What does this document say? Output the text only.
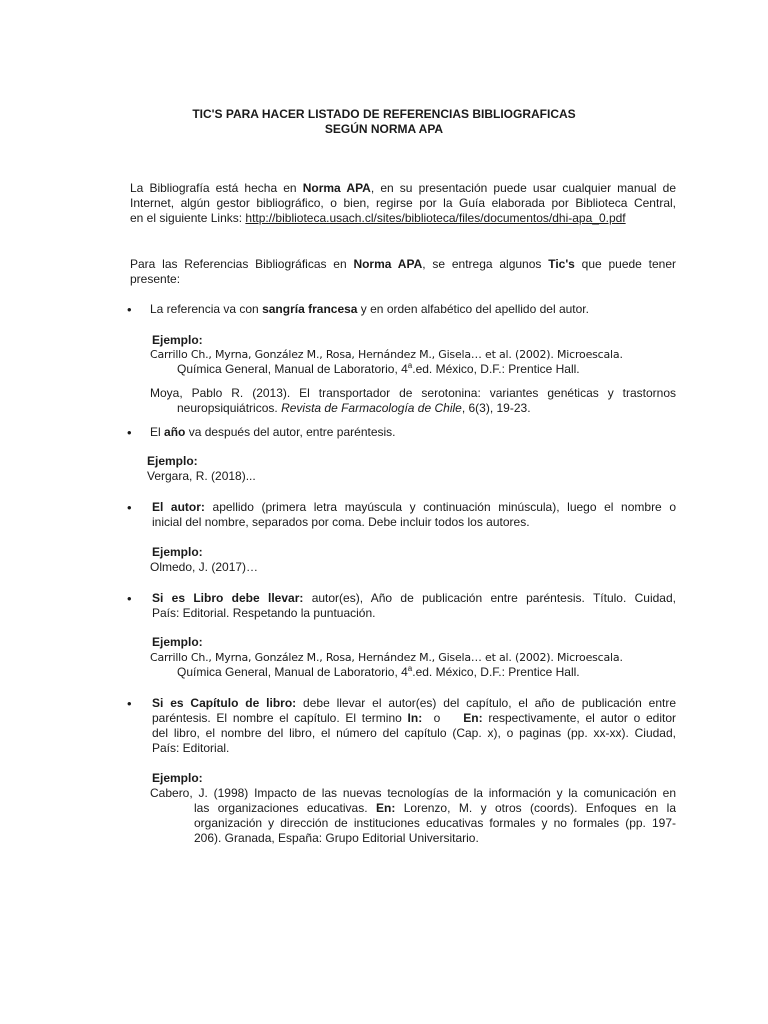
TIC'S PARA HACER LISTADO DE REFERENCIAS BIBLIOGRAFICAS
SEGÚN NORMA APA
La Bibliografía está hecha en Norma APA, en su presentación puede usar cualquier manual de
Internet, algún gestor bibliográfico, o bien, regirse por la Guía elaborada por Biblioteca Central,
en el siguiente Links: http://biblioteca.usach.cl/sites/biblioteca/files/documentos/dhi-apa_0.pdf
Para las Referencias Bibliográficas en Norma APA, se entrega algunos Tic's que puede tener
presente:
•	La referencia va con sangría francesa y en orden alfabético del apellido del autor.
Ejemplo:
Carrillo Ch., Myrna, González M., Rosa, Hernández M., Gisela… et al. (2002). Microescala.
Química General, Manual de Laboratorio, 4$^a$.ed. México, D.F.: Prentice Hall.
Moya, Pablo R. (2013). El transportador de serotonina: variantes genéticas y trastornos
neuropsiquiátricos. Revista de Farmacología de Chile, 6(3), 19-23.
•	El año va después del autor, entre paréntesis.
Ejemplo:
Vergara, R. (2018)...
•	El autor: apellido (primera letra mayúscula y continuación minúscula), luego el nombre o
inicial del nombre, separados por coma. Debe incluir todos los autores.
Ejemplo:
Olmedo, J. (2017)…
•	Si es Libro debe llevar: autor(es), Año de publicación entre paréntesis. Título. Cuidad,
País: Editorial. Respetando la puntuación.
Ejemplo:
Carrillo Ch., Myrna, González M., Rosa, Hernández M., Gisela… et al. (2002). Microescala.
Química General, Manual de Laboratorio, 4$^a$.ed. México, D.F.: Prentice Hall.
•	Si es Capítulo de libro: debe llevar el autor(es) del capítulo, el año de publicación entre
paréntesis. El nombre el capítulo. El termino In:  o    En: respectivamente, el autor o editor
del libro, el nombre del libro, el número del capítulo (Cap. x), o paginas (pp. xx-xx). Ciudad,
País: Editorial.
Ejemplo:
Cabero, J. (1998) Impacto de las nuevas tecnologías de la información y la comunicación en
las organizaciones educativas. En: Lorenzo, M. y otros (coords). Enfoques en la
organización y dirección de instituciones educativas formales y no formales (pp. 197-
206). Granada, España: Grupo Editorial Universitario.
